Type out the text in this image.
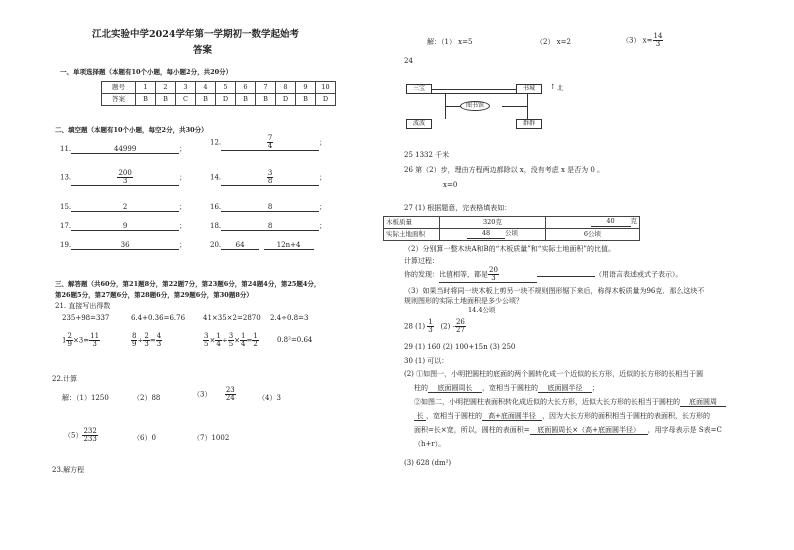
江北实验中学2024学年第一学期初一数学起始考
答案
一、单项选择题（本题有10个小题，每小题2分，共20分）
题号	1	2	3	4	5	6	7	8	9	10
答案	B	B	C	B	D	B	B	D	B	D
二、填空题（本题有10个小题，每空2分，共30分）
11.	44999	；
12.	$\frac{7}{4}$	；
13.	$\frac{200}{3}$	；	14.	$\frac{3}{8}$	；
15.	2	；	16.	8	；
17.	9	；	18.	8	；
19.	36	；	20. 64	12n+4
三、解答题（共60分，第21题8分，第22题7分，第23题6分，第24题4分，第25题4分，
第26题5分，第27题6分，第28题6分，第29题6分，第30题8分）
21. 直接写出得数
235+98=337	6.4+0.36=6.76	41×35×2=2870 2.4÷0.8=3
$1 \frac{2}{9} \times 3= \frac{11}{3}$	$\frac{8}{9} \div \frac{2}{3} = \frac{4}{3}$	$\frac{3}{5} \times \frac{1}{4} \div \frac{3}{5} \times \frac{1}{4} = \frac{1}{2}$	0.8²=0.64
22.计算
解：（1）1250	（2）88	$(3) \frac{23}{24}$	（4）3
$(5) \frac{232}{233}$	（6）0	（7）1002
23.解方程
解：（1） x=5	（2） x=2	（3） $x= \frac{14}{3}$
24
三宝	书城
图书馆
波波	群群
↑ 北
25 1332 千米
26 第（2）步，理由方程两边都除以 x，没有考虑 x 是否为 0 。
x=0
27 (1) 根据题意，完表格填表如：
木板质量	320克	40 克
实际土地面积	48 公顷	6公顷
（2）分别算一整木块A和B的“木板质量”和“实际土地面积”的比值。
计算过程：
你的发现：比值相等，都是 $\frac{20}{3}$	（用语言表述或式子表示）。
（3）如果当时将同一块木板上剪另一块不规则图形锯下来后，称得木板质量为96克．那么这块不
规则图形的实际土地面积是多少公顷？
14.4公顷
28 $(1) \frac{1}{3} (2) - \frac{26}{27}$
29 (1) 160 (2) 100+15n (3) 250
30 (1) 可以：
(2) ①如图一，小明把圆柱的底面的两个圆转化成一个近似的长方形，近似的长方形的长相当于圆
柱的 底面圆周长 ，宽相当于圆柱的 底面圆半径 ；
②如图二，小明把圆柱表面积转化成近似的大长方形，近似大长方形的长相当于圆柱的 底面圆周
长 ，宽相当于圆柱的 高+底面圆半径 ，因为大长方形的面积相当于圆柱的表面积，长方形的
面积=长×宽，所以，圆柱的表面积= 底面圆周长×（高+底面圆半径） ，用字母表示是 S表=C
（h+r）。
(3) 628 (dm²)
